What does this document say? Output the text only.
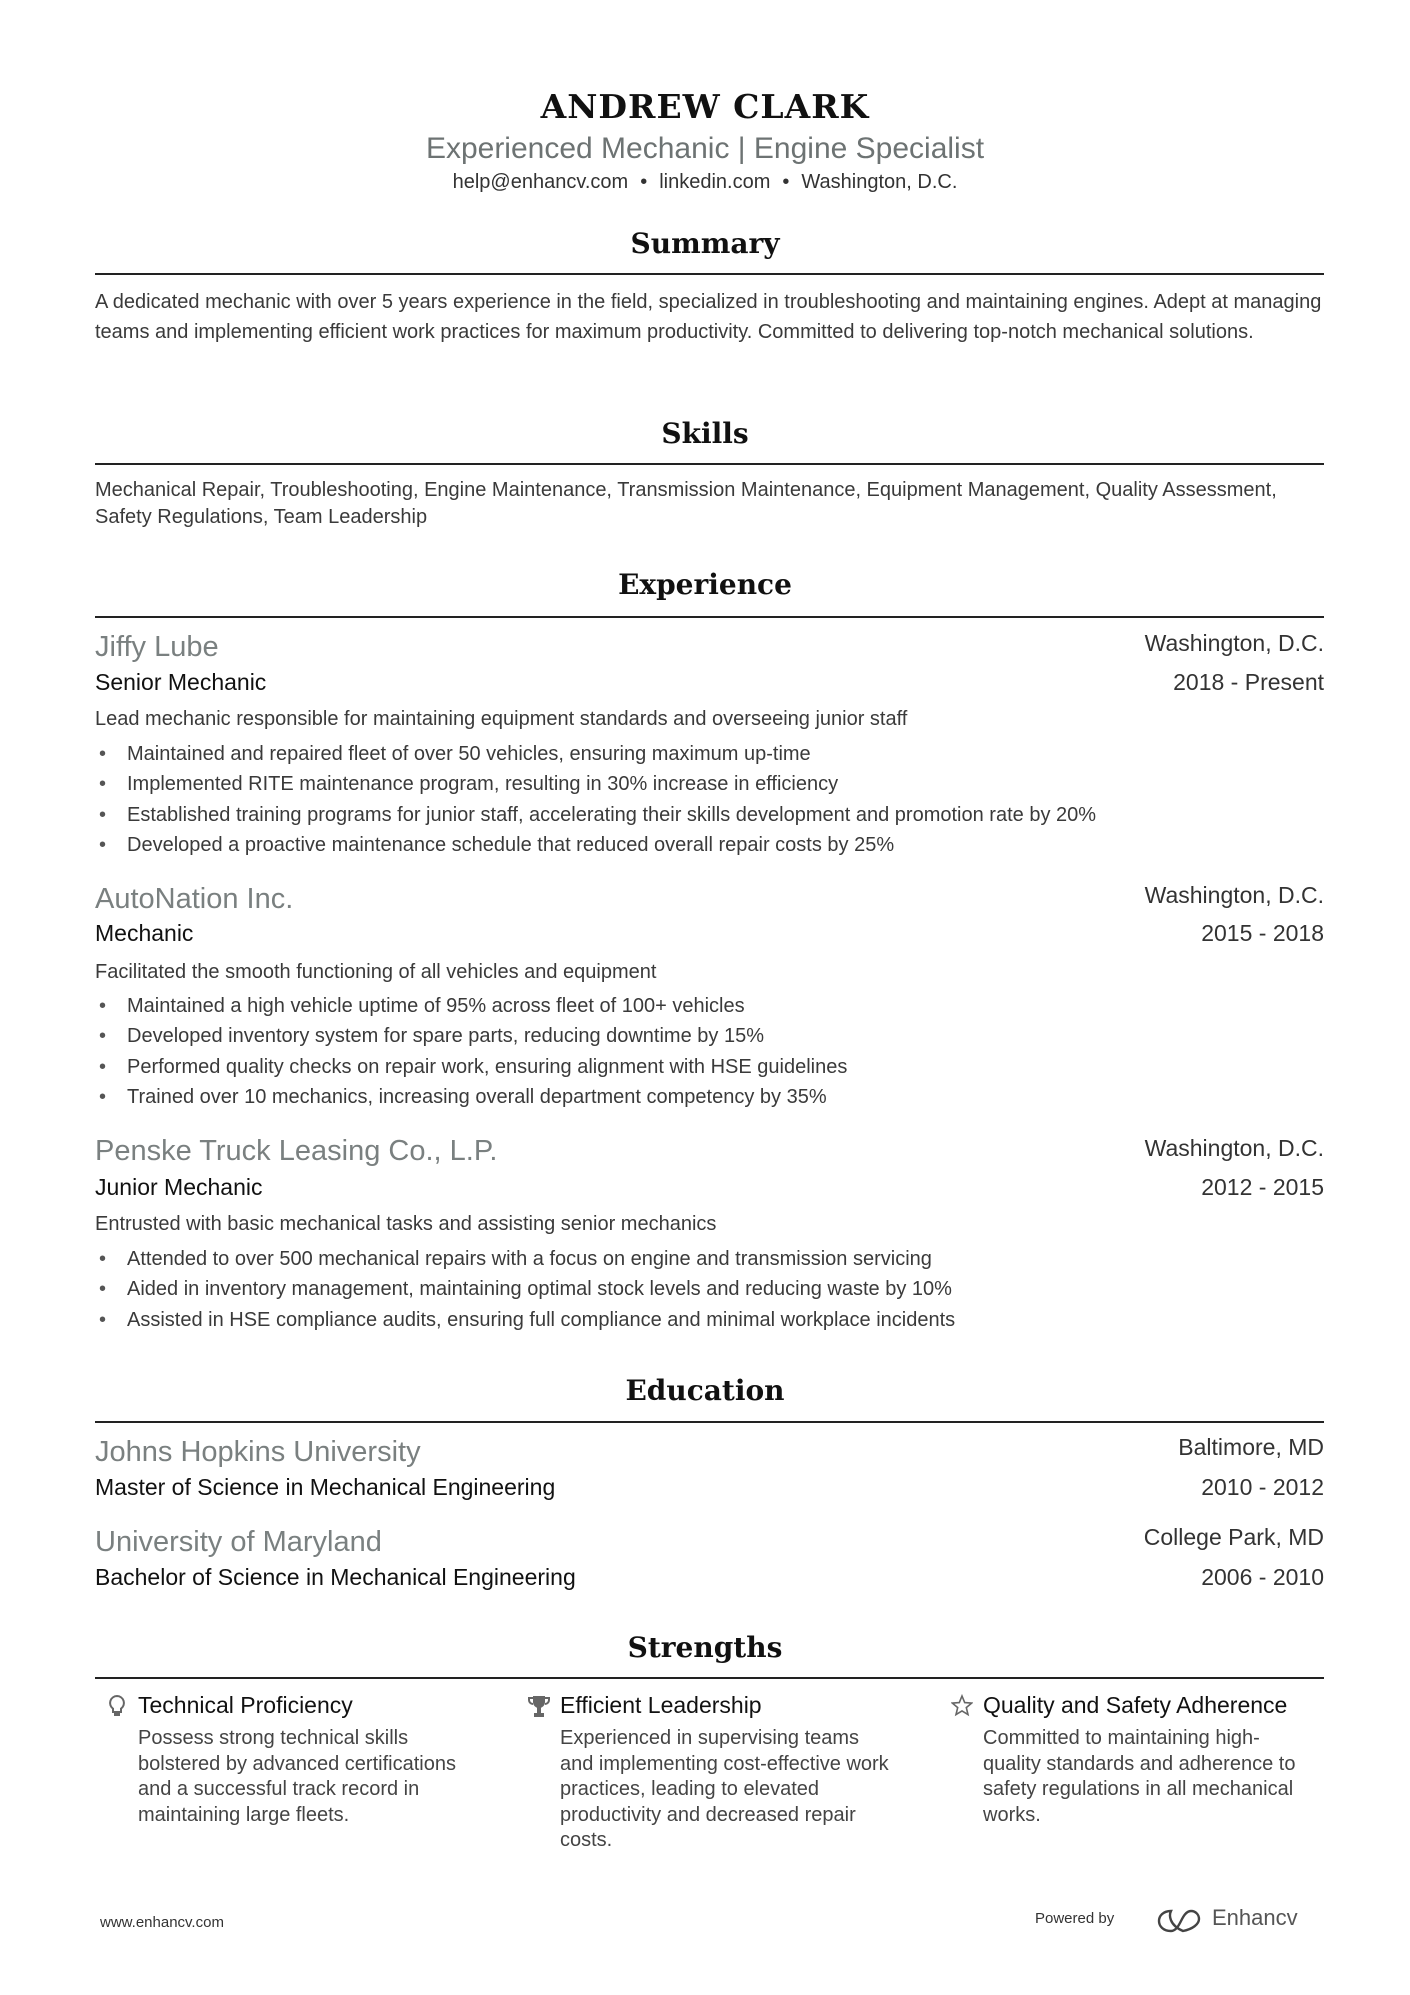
ANDREW CLARK
Experienced Mechanic | Engine Specialist
help@enhancv.com • linkedin.com • Washington, D.C.
Summary
A dedicated mechanic with over 5 years experience in the field, specialized in troubleshooting and maintaining engines. Adept at managing teams and implementing efficient work practices for maximum productivity. Committed to delivering top-notch mechanical solutions.
Skills
Mechanical Repair, Troubleshooting, Engine Maintenance, Transmission Maintenance, Equipment Management, Quality Assessment, Safety Regulations, Team Leadership
Experience
Jiffy Lube	Washington, D.C.
Senior Mechanic	2018 - Present
Lead mechanic responsible for maintaining equipment standards and overseeing junior staff
• Maintained and repaired fleet of over 50 vehicles, ensuring maximum up-time
• Implemented RITE maintenance program, resulting in 30% increase in efficiency
• Established training programs for junior staff, accelerating their skills development and promotion rate by 20%
• Developed a proactive maintenance schedule that reduced overall repair costs by 25%
AutoNation Inc.	Washington, D.C.
Mechanic	2015 - 2018
Facilitated the smooth functioning of all vehicles and equipment
• Maintained a high vehicle uptime of 95% across fleet of 100+ vehicles
• Developed inventory system for spare parts, reducing downtime by 15%
• Performed quality checks on repair work, ensuring alignment with HSE guidelines
• Trained over 10 mechanics, increasing overall department competency by 35%
Penske Truck Leasing Co., L.P.	Washington, D.C.
Junior Mechanic	2012 - 2015
Entrusted with basic mechanical tasks and assisting senior mechanics
• Attended to over 500 mechanical repairs with a focus on engine and transmission servicing
• Aided in inventory management, maintaining optimal stock levels and reducing waste by 10%
• Assisted in HSE compliance audits, ensuring full compliance and minimal workplace incidents
Education
Johns Hopkins University	Baltimore, MD
Master of Science in Mechanical Engineering	2010 - 2012
University of Maryland	College Park, MD
Bachelor of Science in Mechanical Engineering	2006 - 2010
Strengths
Technical Proficiency
Possess strong technical skills bolstered by advanced certifications and a successful track record in maintaining large fleets.
Efficient Leadership
Experienced in supervising teams and implementing cost-effective work practices, leading to elevated productivity and decreased repair costs.
Quality and Safety Adherence
Committed to maintaining high-quality standards and adherence to safety regulations in all mechanical works.
www.enhancv.com	Powered by	Enhancv
